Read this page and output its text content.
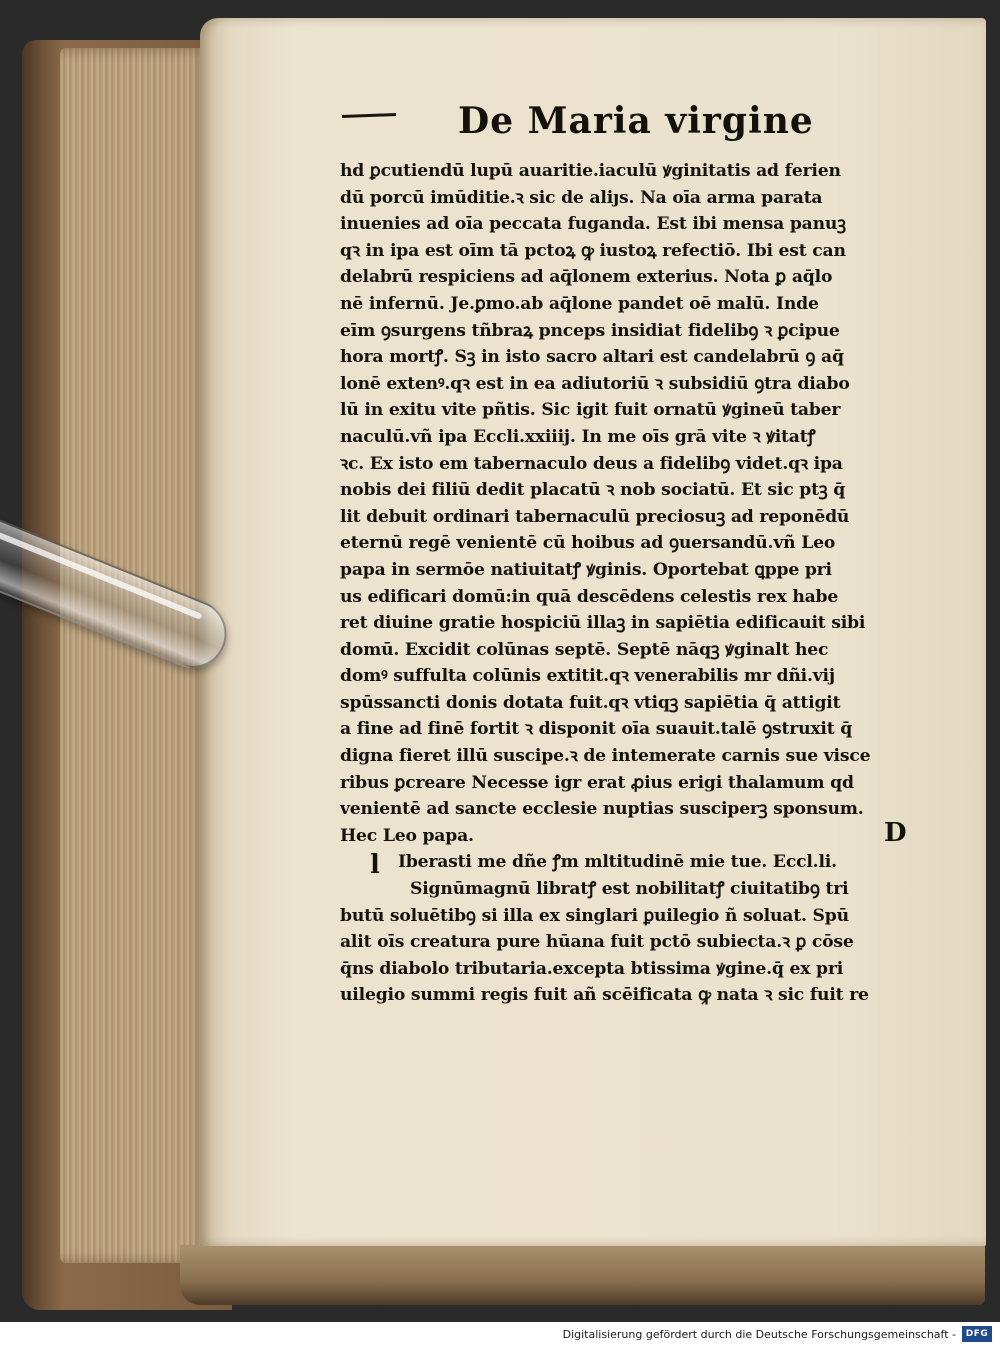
De Maria virgine
hd ꝑcutiendū lupū auaritie.iaculū ꝟginitatis ad ferien
dū porcū imūditie.ꝛ sic de aliȷs. Na oīa arma parata
inuenies ad oīa peccata fuganda. Est ibi mensa panuꝫ
qꝛ in ipa est oīm tā pctoꝝ ꝙ iustoꝝ refectiō. Ibi est can
delabrū respiciens ad aq̄lonem exterius. Nota ꝑ aq̄lo
nē infernū. Je.ꝑmo.ab aq̄lone pandet oē malū. Inde
eīm ꝯsurgens tñbraꝝ pnceps insidiat fidelibꝯ ꝛ ꝑcipue
hora mortꝭ. Sꝫ in isto sacro altari est candelabrū ꝯ aq̄
lonē extenꝰ.qꝛ est in ea adiutoriū ꝛ subsidiū ꝯtra diabo
lū in exitu vite pñtis. Sic igit fuit ornatū ꝟgineū taber
naculū.vñ ipa Eccli.xxiiij. In me oīs grā vite ꝛ ꝟitatꝭ
ꝛc. Ex isto em tabernaculo deus a fidelibꝯ videt.qꝛ ipa
nobis dei filiū dedit placatū ꝛ nob sociatū. Et sic ptꝫ q̄
lit debuit ordinari tabernaculū preciosuꝫ ad reponēdū
eternū regē venientē cū hoibus ad ꝯuersandū.vñ Leo
papa in sermōe natiuitatꝭ ꝟginis. Oportebat ꝗppe pri
us edificari domū:in quā descēdens celestis rex habe
ret diuine gratie hospiciū illaꝫ in sapiētia edificauit sibi
domū. Excidit colūnas septē. Septē nāqꝫ ꝟginalt hec
domꝰ suffulta colūnis extitit.qꝛ venerabilis mr dñi.vij
spūssancti donis dotata fuit.qꝛ vtiqꝫ sapiētia q̄ attigit
a fine ad finē fortit ꝛ disponit oīa suauit.talē ꝯstruxit q̄
digna fieret illū suscipe.ꝛ de intemerate carnis sue visce
ribus ꝑcreare Necesse igr erat ꝓius erigi thalamum qd
venientē ad sancte ecclesie nuptias susciperꝫ sponsum.
Hec Leo papa.
Iberasti me dñe ꝭm mltitudinē mie tue. Eccl.li.
Signūmagnū libratꝭ est nobilitatꝭ ciuitatibꝯ tri
butū soluētibꝯ si illa ex singlari ꝑuilegio ñ soluat. Spū
alit oīs creatura pure hūana fuit pctō subiecta.ꝛ ꝑ cōse
q̄ns diabolo tributaria.excepta btissima ꝟgine.q̄ ex pri
uilegio summi regis fuit añ scēificata ꝙ nata ꝛ sic fuit re
l
D
Digitalisierung gefördert durch die Deutsche Forschungsgemeinschaft -	DFG
